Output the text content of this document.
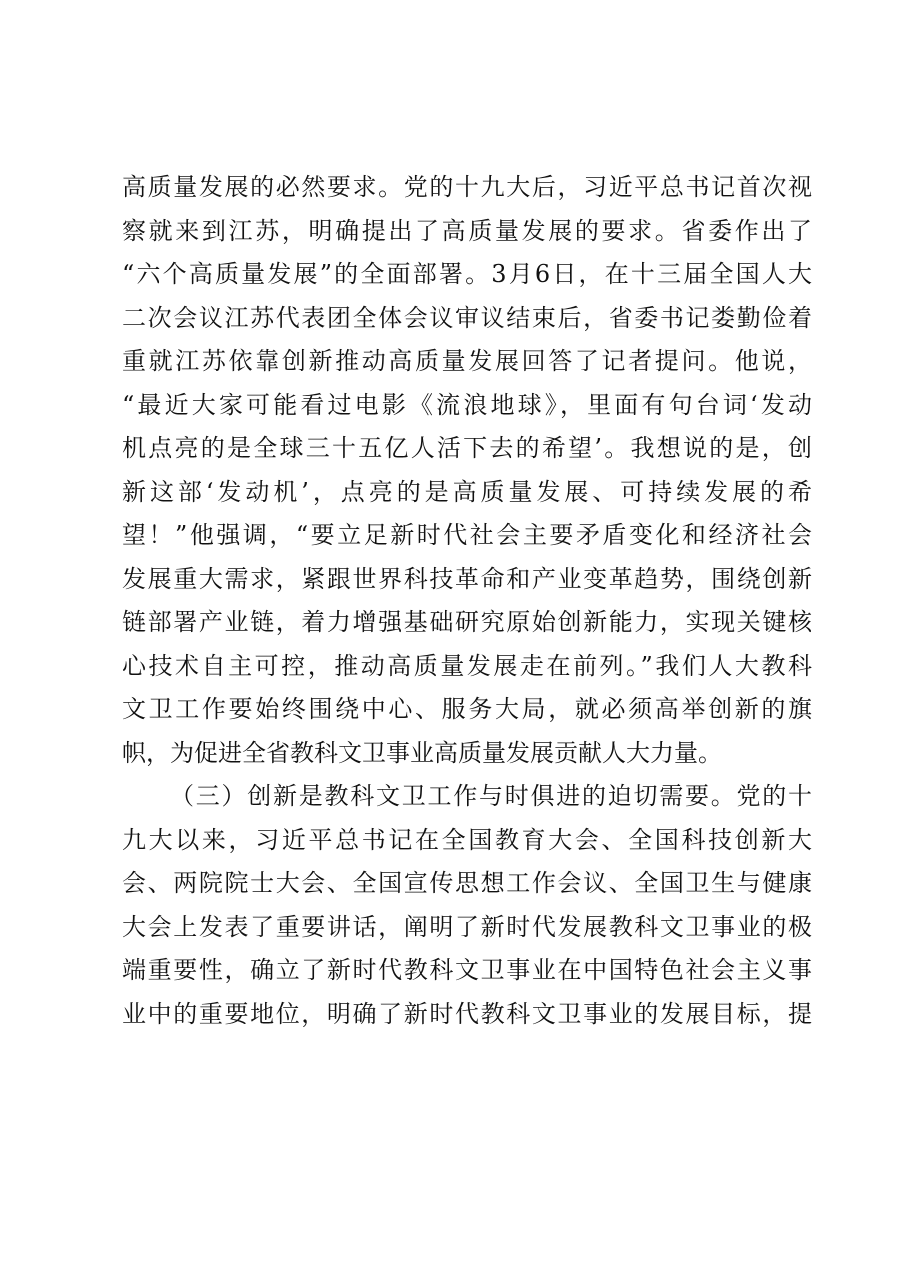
高质量发展的必然要求。党的十九大后，习近平总书记首次视
察就来到江苏，明确提出了高质量发展的要求。省委作出了
“六个高质量发展”的全面部署。3月6日，在十三届全国人大
二次会议江苏代表团全体会议审议结束后，省委书记娄勤俭着
重就江苏依靠创新推动高质量发展回答了记者提问。他说，
“最近大家可能看过电影《流浪地球》，里面有句台词‘发动
机点亮的是全球三十五亿人活下去的希望’。我想说的是，创
新这部‘发动机’，点亮的是高质量发展、可持续发展的希
望！”他强调，“要立足新时代社会主要矛盾变化和经济社会
发展重大需求，紧跟世界科技革命和产业变革趋势，围绕创新
链部署产业链，着力增强基础研究原始创新能力，实现关键核
心技术自主可控，推动高质量发展走在前列。”我们人大教科
文卫工作要始终围绕中心、服务大局，就必须高举创新的旗
帜，为促进全省教科文卫事业高质量发展贡献人大力量。
（三）创新是教科文卫工作与时俱进的迫切需要。党的十
九大以来，习近平总书记在全国教育大会、全国科技创新大
会、两院院士大会、全国宣传思想工作会议、全国卫生与健康
大会上发表了重要讲话，阐明了新时代发展教科文卫事业的极
端重要性，确立了新时代教科文卫事业在中国特色社会主义事
业中的重要地位，明确了新时代教科文卫事业的发展目标，提
